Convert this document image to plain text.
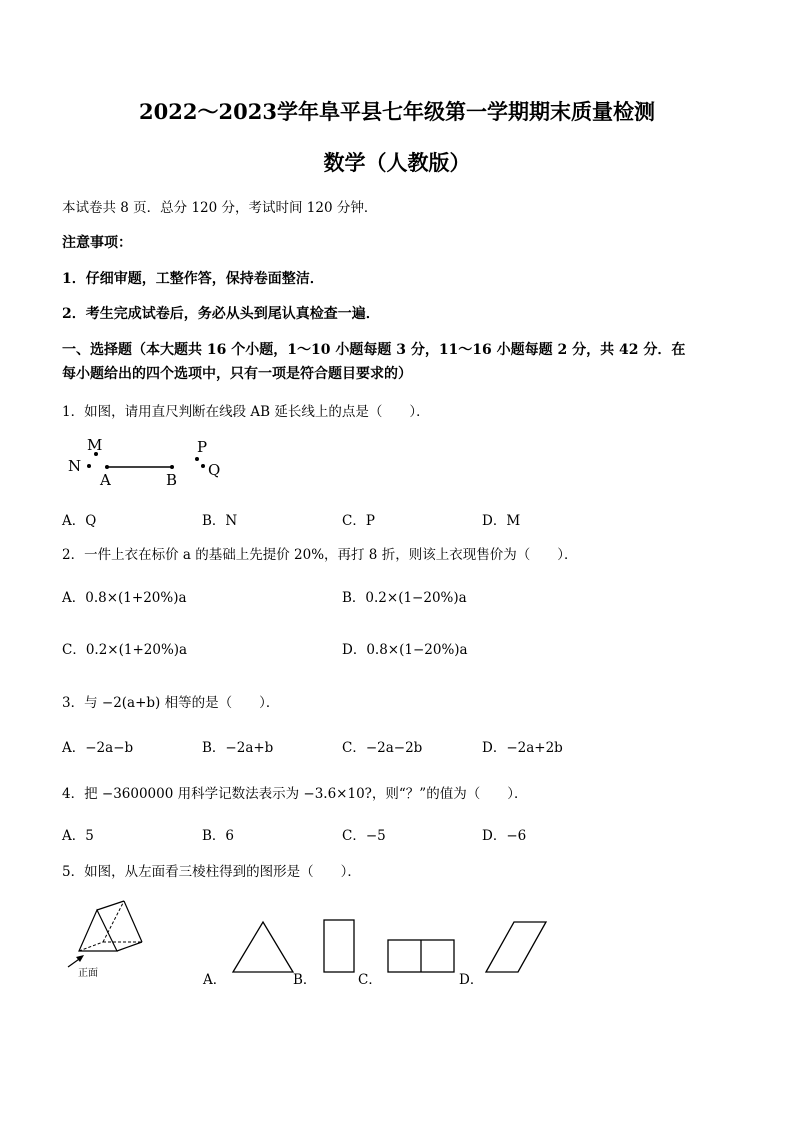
2022～2023学年阜平县七年级第一学期期末质量检测
数学（人教版）
本试卷共 8 页．总分 120 分，考试时间 120 分钟．
注意事项：
1．仔细审题，工整作答，保持卷面整洁．
2．考生完成试卷后，务必从头到尾认真检查一遍．
一、选择题（本大题共 16 个小题，1～10 小题每题 3 分，11～16 小题每题 2 分，共 42 分．在
每小题给出的四个选项中，只有一项是符合题目要求的）
1．如图，请用直尺判断在线段 AB 延长线上的点是（　　）．
M
N
A	B
P
Q
A．Q	B．N	C．P	D．M
2．一件上衣在标价 a 的基础上先提价 20%，再打 8 折，则该上衣现售价为（　　）．
A．0.8×(1+20%)a	B．0.2×(1−20%)a
C．0.2×(1+20%)a	D．0.8×(1−20%)a
3．与 −2(a+b) 相等的是（　　）．
A．−2a−b	B．−2a+b	C．−2a−2b	D．−2a+2b
4．把 −3600000 用科学记数法表示为 −3.6×10?，则“？”的值为（　　）．
A．5	B．6	C．−5	D．−6
5．如图，从左面看三棱柱得到的图形是（　　）．
正面	A．	B．	C．	D．
